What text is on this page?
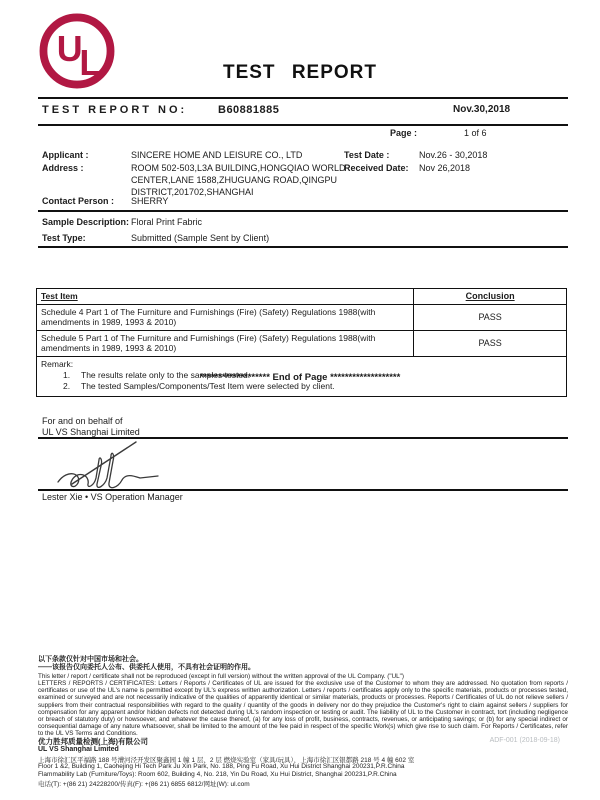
U
L	TEST REPORT
TEST REPORT NO:	B60881885	Nov.30,2018
Page :	1 of 6
Applicant :	SINCERE HOME AND LEISURE CO., LTD
Address :	ROOM 502-503,L3A BUILDING,HONGQIAO WORLD
CENTER,LANE 1588,ZHUGUANG ROAD,QINGPU
DISTRICT,201702,SHANGHAI
Test Date :	Nov.26 - 30,2018
Received Date: Nov 26,2018
Contact Person : SHERRY
Sample Description: Floral Print Fabric
Test Type:	Submitted (Sample Sent by Client)
Test Item	Conclusion
Schedule 4 Part 1 of The Furniture and Furnishings (Fire) (Safety) Regulations 1988(with amendments in 1989, 1993 & 2010)	PASS
Schedule 5 Part 1 of The Furniture and Furnishings (Fire) (Safety) Regulations 1988(with amendments in 1989, 1993 & 2010)	PASS
Remark:
1. The results relate only to the samples tested.
2. The tested Samples/Components/Test Item were selected by client.
******************* End of Page *******************
For and on behalf of
UL VS Shanghai Limited
Lester Xie • VS Operation Manager
以下条款仅针对中国市场和社会。
——该报告仅向委托人公布、供委托人使用，不具有社会证明的作用。
This letter / report / certificate shall not be reproduced (except in full version) without the written approval of the UL Company. ("UL")
LETTERS / REPORTS / CERTIFICATES: Letters / Reports / Certificates of UL are issued for the exclusive use of the Customer to whom they are addressed. No quotation from reports / certificates or use of the UL's name is permitted except by UL's express written authorization. Letters / reports / certificates apply only to the specific materials, products or processes tested, examined or surveyed and are not necessarily indicative of the qualities of apparently identical or similar materials, products or processes. Reports / Certificates of UL do not relieve sellers / suppliers from their contractual responsibilities with regard to the quality / quantity of the goods in delivery nor do they prejudice the Customer's right to claim against sellers / suppliers for compensation for any apparent and/or hidden defects not detected during UL's random inspection or testing or audit. The liability of UL to the Customer in contract, tort (including negligence or breach of statutory duty) or howsoever, and whatever the cause thereof, (a) for any loss of profit, business, contracts, revenues, or anticipating savings; or (b) for any special indirect or consequential damage of any nature whatsoever, shall be limited to the amount of the fee paid in respect of the specific Work(s) which give rise to such claim. For Reports / Certificates, refer to the UL VS Terms and Conditions.
优力胜邦质量检测(上海)有限公司	ADF-001 (2018-09-18)
UL VS Shanghai Limited
上海市徐汇区平福路 188 号漕河泾开发区聚鑫园 1 幢 1 层、2 层 燃烧实验室（家具/玩具），上海市徐汇区银都路 218 号 4 幢 602 室
Floor 1 &2, Building 1, Caohejing Hi Tech Park Ju Xin Park, No. 188, Ping Fu Road, Xu Hui District Shanghai 200231,P.R.China
Flammability Lab (Furniture/Toys): Room 602, Building 4, No. 218, Yin Du Road, Xu Hui District, Shanghai 200231,P.R.China
电话(T): +(86 21) 24228200/传真(F): +(86 21) 6855 6812/网址(W): ul.com
